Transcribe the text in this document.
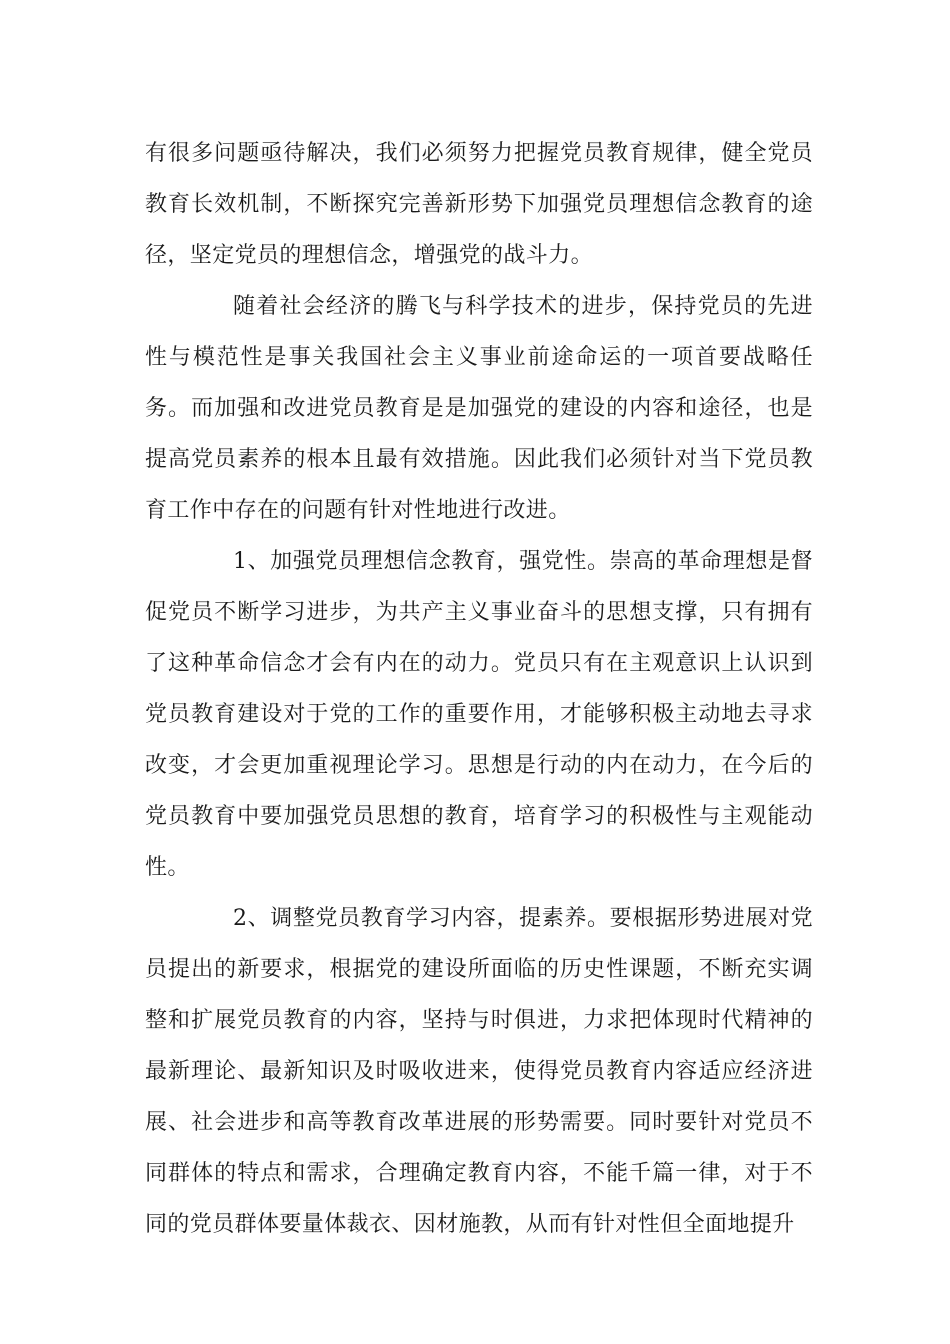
有很多问题亟待解决，我们必须努力把握党员教育规律，健全党员教育长效机制，不断探究完善新形势下加强党员理想信念教育的途径，坚定党员的理想信念，增强党的战斗力。

随着社会经济的腾飞与科学技术的进步，保持党员的先进性与模范性是事关我国社会主义事业前途命运的一项首要战略任务。而加强和改进党员教育是是加强党的建设的内容和途径，也是提高党员素养的根本且最有效措施。因此我们必须针对当下党员教育工作中存在的问题有针对性地进行改进。

1、加强党员理想信念教育，强党性。崇高的革命理想是督促党员不断学习进步，为共产主义事业奋斗的思想支撑，只有拥有了这种革命信念才会有内在的动力。党员只有在主观意识上认识到党员教育建设对于党的工作的重要作用，才能够积极主动地去寻求改变，才会更加重视理论学习。思想是行动的内在动力，在今后的党员教育中要加强党员思想的教育，培育学习的积极性与主观能动性。

2、调整党员教育学习内容，提素养。要根据形势进展对党员提出的新要求，根据党的建设所面临的历史性课题，不断充实调整和扩展党员教育的内容，坚持与时俱进，力求把体现时代精神的最新理论、最新知识及时吸收进来，使得党员教育内容适应经济进展、社会进步和高等教育改革进展的形势需要。同时要针对党员不同群体的特点和需求，合理确定教育内容，不能千篇一律，对于不同的党员群体要量体裁衣、因材施教，从而有针对性但全面地提升
